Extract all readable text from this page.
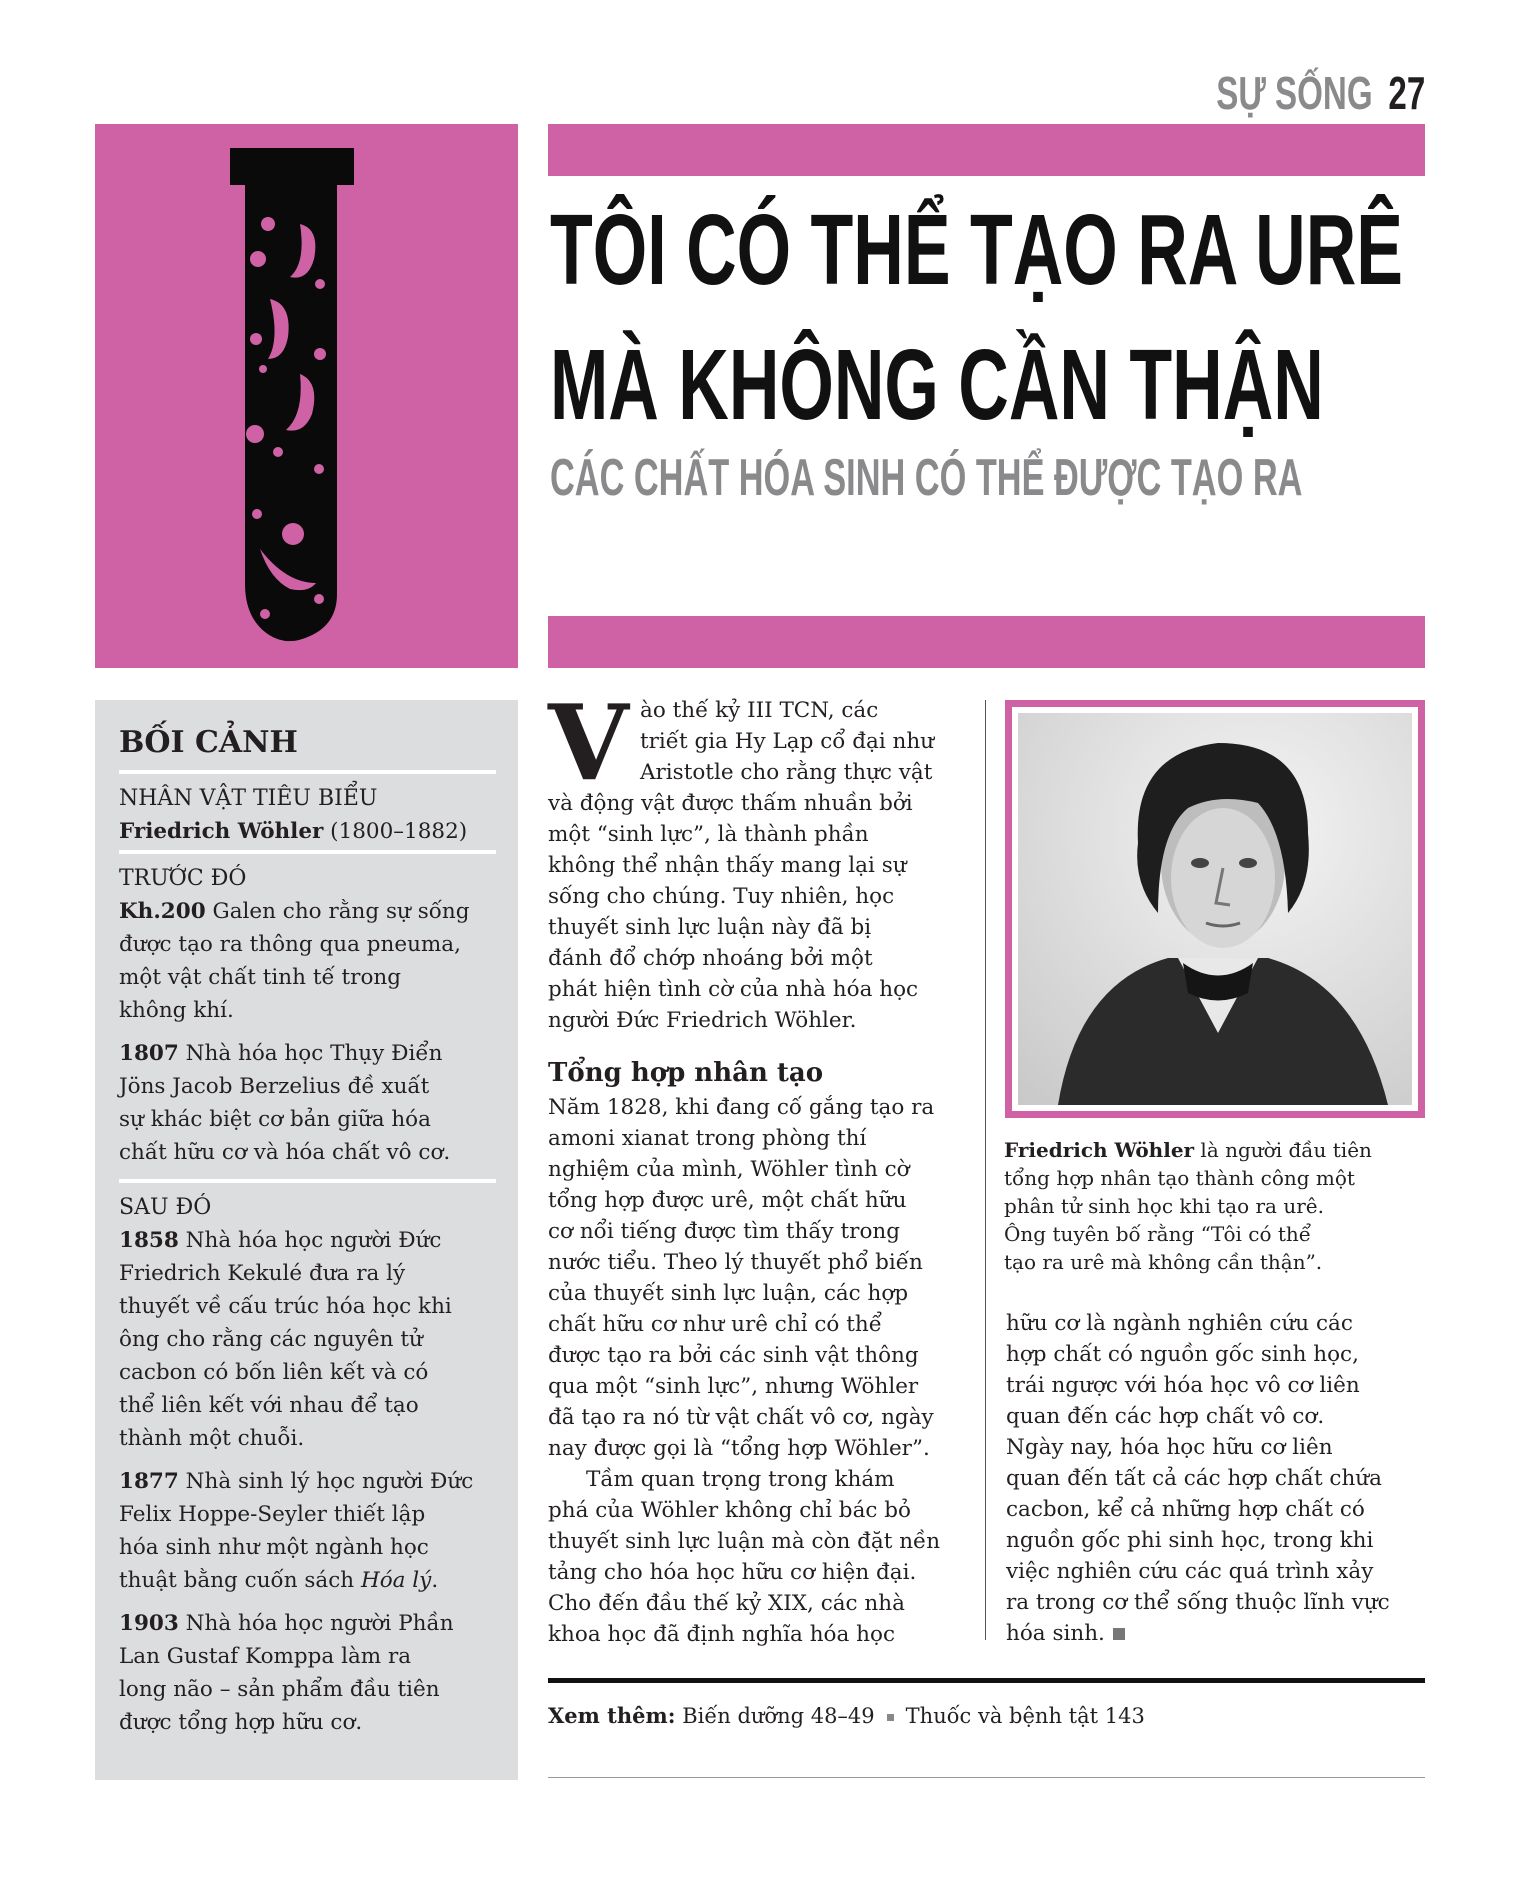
SỰ SỐNG 27
TÔI CÓ THỂ TẠO RA URÊ
MÀ KHÔNG CẦN THẬN
CÁC CHẤT HÓA SINH CÓ THỂ ĐƯỢC TẠO RA
BỐI CẢNH
NHÂN VẬT TIÊU BIỂU
Friedrich Wöhler (1800–1882)
TRƯỚC ĐÓ
Kh.200 Galen cho rằng sự sống
được tạo ra thông qua pneuma,
một vật chất tinh tế trong
không khí.
1807 Nhà hóa học Thụy Điển
Jöns Jacob Berzelius đề xuất
sự khác biệt cơ bản giữa hóa
chất hữu cơ và hóa chất vô cơ.
SAU ĐÓ
1858 Nhà hóa học người Đức
Friedrich Kekulé đưa ra lý
thuyết về cấu trúc hóa học khi
ông cho rằng các nguyên tử
cacbon có bốn liên kết và có
thể liên kết với nhau để tạo
thành một chuỗi.
1877 Nhà sinh lý học người Đức
Felix Hoppe-Seyler thiết lập
hóa sinh như một ngành học
thuật bằng cuốn sách Hóa lý.
1903 Nhà hóa học người Phần
Lan Gustaf Komppa làm ra
long não – sản phẩm đầu tiên
được tổng hợp hữu cơ.
V ào thế kỷ III TCN, các
triết gia Hy Lạp cổ đại như
Aristotle cho rằng thực vật
và động vật được thấm nhuần bởi
một “sinh lực”, là thành phần
không thể nhận thấy mang lại sự
sống cho chúng. Tuy nhiên, học
thuyết sinh lực luận này đã bị
đánh đổ chớp nhoáng bởi một
phát hiện tình cờ của nhà hóa học
người Đức Friedrich Wöhler.
Tổng hợp nhân tạo
Năm 1828, khi đang cố gắng tạo ra
amoni xianat trong phòng thí
nghiệm của mình, Wöhler tình cờ
tổng hợp được urê, một chất hữu
cơ nổi tiếng được tìm thấy trong
nước tiểu. Theo lý thuyết phổ biến
của thuyết sinh lực luận, các hợp
chất hữu cơ như urê chỉ có thể
được tạo ra bởi các sinh vật thông
qua một “sinh lực”, nhưng Wöhler
đã tạo ra nó từ vật chất vô cơ, ngày
nay được gọi là “tổng hợp Wöhler”.
Tầm quan trọng trong khám
phá của Wöhler không chỉ bác bỏ
thuyết sinh lực luận mà còn đặt nền
tảng cho hóa học hữu cơ hiện đại.
Cho đến đầu thế kỷ XIX, các nhà
khoa học đã định nghĩa hóa học
Friedrich Wöhler là người đầu tiên
tổng hợp nhân tạo thành công một
phân tử sinh học khi tạo ra urê.
Ông tuyên bố rằng “Tôi có thể
tạo ra urê mà không cần thận”.
hữu cơ là ngành nghiên cứu các
hợp chất có nguồn gốc sinh học,
trái ngược với hóa học vô cơ liên
quan đến các hợp chất vô cơ.
Ngày nay, hóa học hữu cơ liên
quan đến tất cả các hợp chất chứa
cacbon, kể cả những hợp chất có
nguồn gốc phi sinh học, trong khi
việc nghiên cứu các quá trình xảy
ra trong cơ thể sống thuộc lĩnh vực
hóa sinh.
Xem thêm: Biến dưỡng 48–49 Thuốc và bệnh tật 143
